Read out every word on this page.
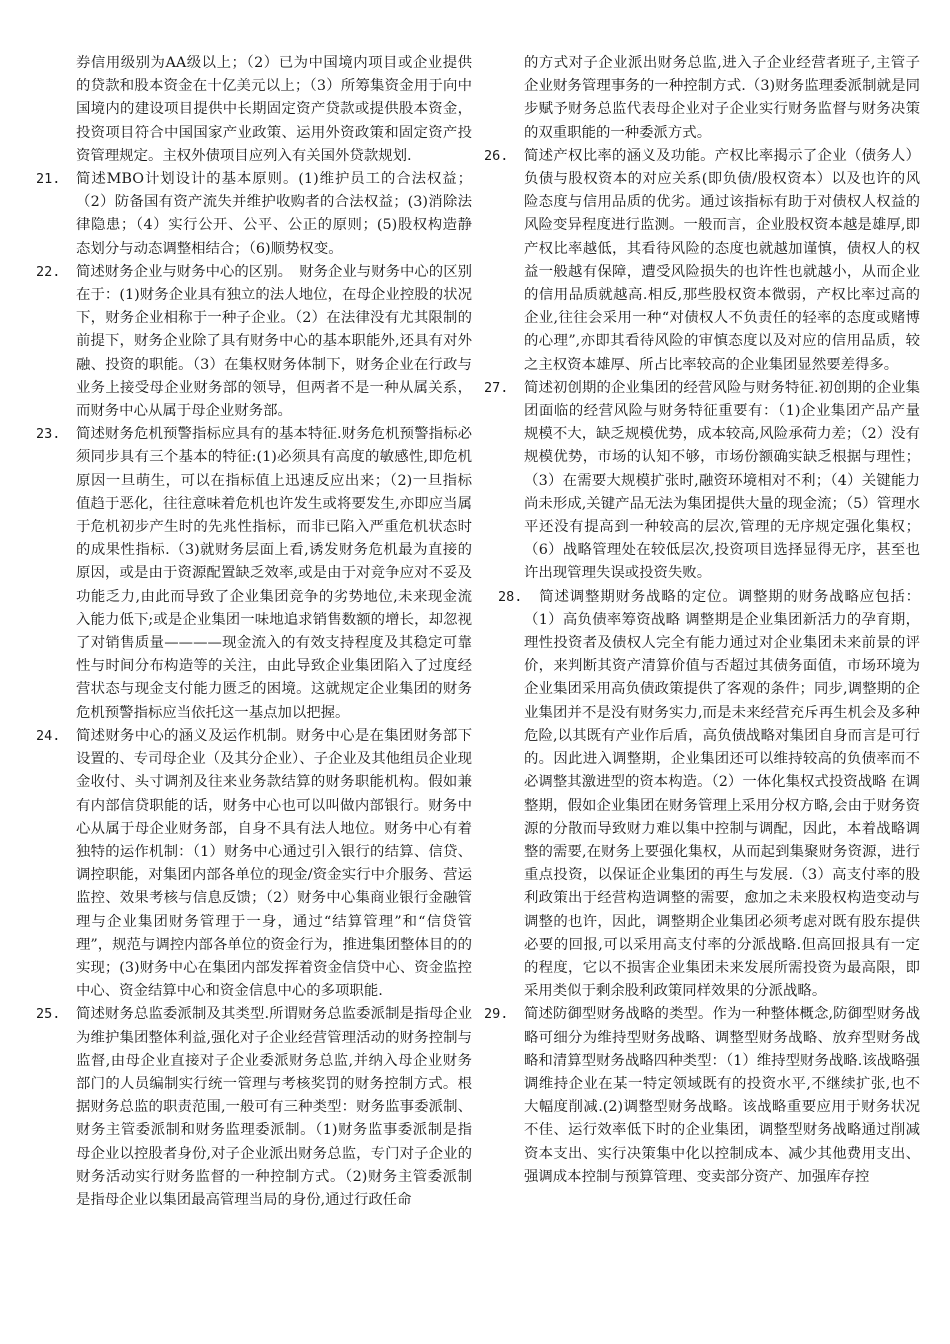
券信用级别为AA级以上；（2）已为中国境内项目或企业提供的贷款和股本资金在十亿美元以上；（3）所筹集资金用于向中国境内的建设项目提供中长期固定资产贷款或提供股本资金，投资项目符合中国国家产业政策、运用外资政策和固定资产投资管理规定。主权外债项目应列入有关国外贷款规划.
21.	简述MBO计划设计的基本原则。(1)维护员工的合法权益；（2）防备国有资产流失并维护收购者的合法权益；(3)消除法律隐患；（4）实行公开、公平、公正的原则；(5)股权构造静态划分与动态调整相结合；（6)顺势权变。
22.	简述财务企业与财务中心的区别。　财务企业与财务中心的区别在于：(1)财务企业具有独立的法人地位，在母企业控股的状况下，财务企业相称于一种子企业。（2）在法律没有尤其限制的前提下，财务企业除了具有财务中心的基本职能外,还具有对外融、投资的职能。（3）在集权财务体制下，财务企业在行政与业务上接受母企业财务部的领导，但两者不是一种从属关系，而财务中心从属于母企业财务部。
23.	简述财务危机预警指标应具有的基本特征.财务危机预警指标必须同步具有三个基本的特征:(1)必须具有高度的敏感性,即危机原因一旦萌生，可以在指标值上迅速反应出来；（2)一旦指标值趋于恶化，往往意味着危机也许发生或将要发生,亦即应当属于危机初步产生时的先兆性指标，而非已陷入严重危机状态时的成果性指标.（3)就财务层面上看,诱发财务危机最为直接的原因，或是由于资源配置缺乏效率,或是由于对竞争应对不妥及功能乏力,由此而导致了企业集团竞争的劣势地位,未来现金流入能力低下;或是企业集团一味地追求销售数额的增长，却忽视了对销售质量————现金流入的有效支持程度及其稳定可靠性与时间分布构造等的关注，由此导致企业集团陷入了过度经营状态与现金支付能力匮乏的困境。这就规定企业集团的财务危机预警指标应当依托这一基点加以把握。
24.	简述财务中心的涵义及运作机制。财务中心是在集团财务部下设置的、专司母企业（及其分企业）、子企业及其他组员企业现金收付、头寸调剂及往来业务款结算的财务职能机构。假如兼有内部信贷职能的话，财务中心也可以叫做内部银行。财务中心从属于母企业财务部，自身不具有法人地位。财务中心有着独特的运作机制：（1）财务中心通过引入银行的结算、信贷、调控职能，对集团内部各单位的现金/资金实行中介服务、营运监控、效果考核与信息反馈；（2）财务中心集商业银行金融管理与企业集团财务管理于一身，通过“结算管理”和“信贷管理”，规范与调控内部各单位的资金行为，推进集团整体目的的实现；(3)财务中心在集团内部发挥着资金信贷中心、资金监控中心、资金结算中心和资金信息中心的多项职能.
25.	简述财务总监委派制及其类型.所谓财务总监委派制是指母企业为维护集团整体利益,强化对子企业经营管理活动的财务控制与监督,由母企业直接对子企业委派财务总监,并纳入母企业财务部门的人员编制实行统一管理与考核奖罚的财务控制方式。根据财务总监的职责范围,一般可有三种类型：财务监事委派制、财务主管委派制和财务监理委派制。（1)财务监事委派制是指母企业以控股者身份,对子企业派出财务总监，专门对子企业的财务活动实行财务监督的一种控制方式。（2)财务主管委派制是指母企业以集团最高管理当局的身份,通过行政任命
的方式对子企业派出财务总监,进入子企业经营者班子,主管子企业财务管理事务的一种控制方式.（3)财务监理委派制就是同步赋予财务总监代表母企业对子企业实行财务监督与财务决策的双重职能的一种委派方式。
26.	简述产权比率的涵义及功能。产权比率揭示了企业（债务人）负债与股权资本的对应关系(即负债/股权资本）以及也许的风险态度与信用品质的优劣。通过该指标有助于对债权人权益的风险变异程度进行监测。一般而言，企业股权资本越是雄厚,即产权比率越低，其看待风险的态度也就越加谨慎，债权人的权益一般越有保障，遭受风险损失的也许性也就越小，从而企业的信用品质就越高.相反,那些股权资本微弱，产权比率过高的企业,往往会采用一种“对债权人不负责任的轻率的态度或赌博的心理”,亦即其看待风险的审慎态度以及对应的信用品质，较之主权资本雄厚、所占比率较高的企业集团显然要差得多。
27.	简述初创期的企业集团的经营风险与财务特征.初创期的企业集团面临的经营风险与财务特征重要有：（1)企业集团产品产量规模不大，缺乏规模优势，成本较高,风险承荷力差；（2）没有规模优势，市场的认知不够，市场份额确实缺乏根据与理性；（3）在需要大规模扩张时,融资环境相对不利；（4）关键能力尚未形成,关键产品无法为集团提供大量的现金流；（5）管理水平还没有提高到一种较高的层次,管理的无序规定强化集权；（6）战略管理处在较低层次,投资项目选择显得无序，甚至也许出现管理失误或投资失败。
28. 　简述调整期财务战略的定位。调整期的财务战略应包括：（1）高负债率筹资战略 调整期是企业集团新活力的孕育期，理性投资者及债权人完全有能力通过对企业集团未来前景的评价，来判断其资产清算价值与否超过其债务面值，市场环境为企业集团采用高负债政策提供了客观的条件；同步,调整期的企业集团并不是没有财务实力,而是未来经营充斥再生机会及多种危险,以其既有产业作后盾，高负债战略对集团自身而言是可行的。因此进入调整期，企业集团还可以维持较高的负债率而不必调整其激进型的资本构造。（2）一体化集权式投资战略 在调整期，假如企业集团在财务管理上采用分权方略,会由于财务资源的分散而导致财力难以集中控制与调配，因此，本着战略调整的需要,在财务上要强化集权，从而起到集聚财务资源，进行重点投资，以保证企业集团的再生与发展.（3）高支付率的股利政策出于经营构造调整的需要，愈加之未来股权构造变动与调整的也许，因此，调整期企业集团必须考虑对既有股东提供必要的回报,可以采用高支付率的分派战略.但高回报具有一定的程度，它以不损害企业集团未来发展所需投资为最高限，即采用类似于剩余股利政策同样效果的分派战略。
29.	简述防御型财务战略的类型。作为一种整体概念,防御型财务战略可细分为维持型财务战略、调整型财务战略、放弃型财务战略和清算型财务战略四种类型：（1）维持型财务战略.该战略强调维持企业在某一特定领域既有的投资水平,不继续扩张,也不大幅度削减.(2)调整型财务战略。该战略重要应用于财务状况不佳、运行效率低下时的企业集团，调整型财务战略通过削减资本支出、实行决策集中化以控制成本、减少其他费用支出、强调成本控制与预算管理、变卖部分资产、加强库存控
